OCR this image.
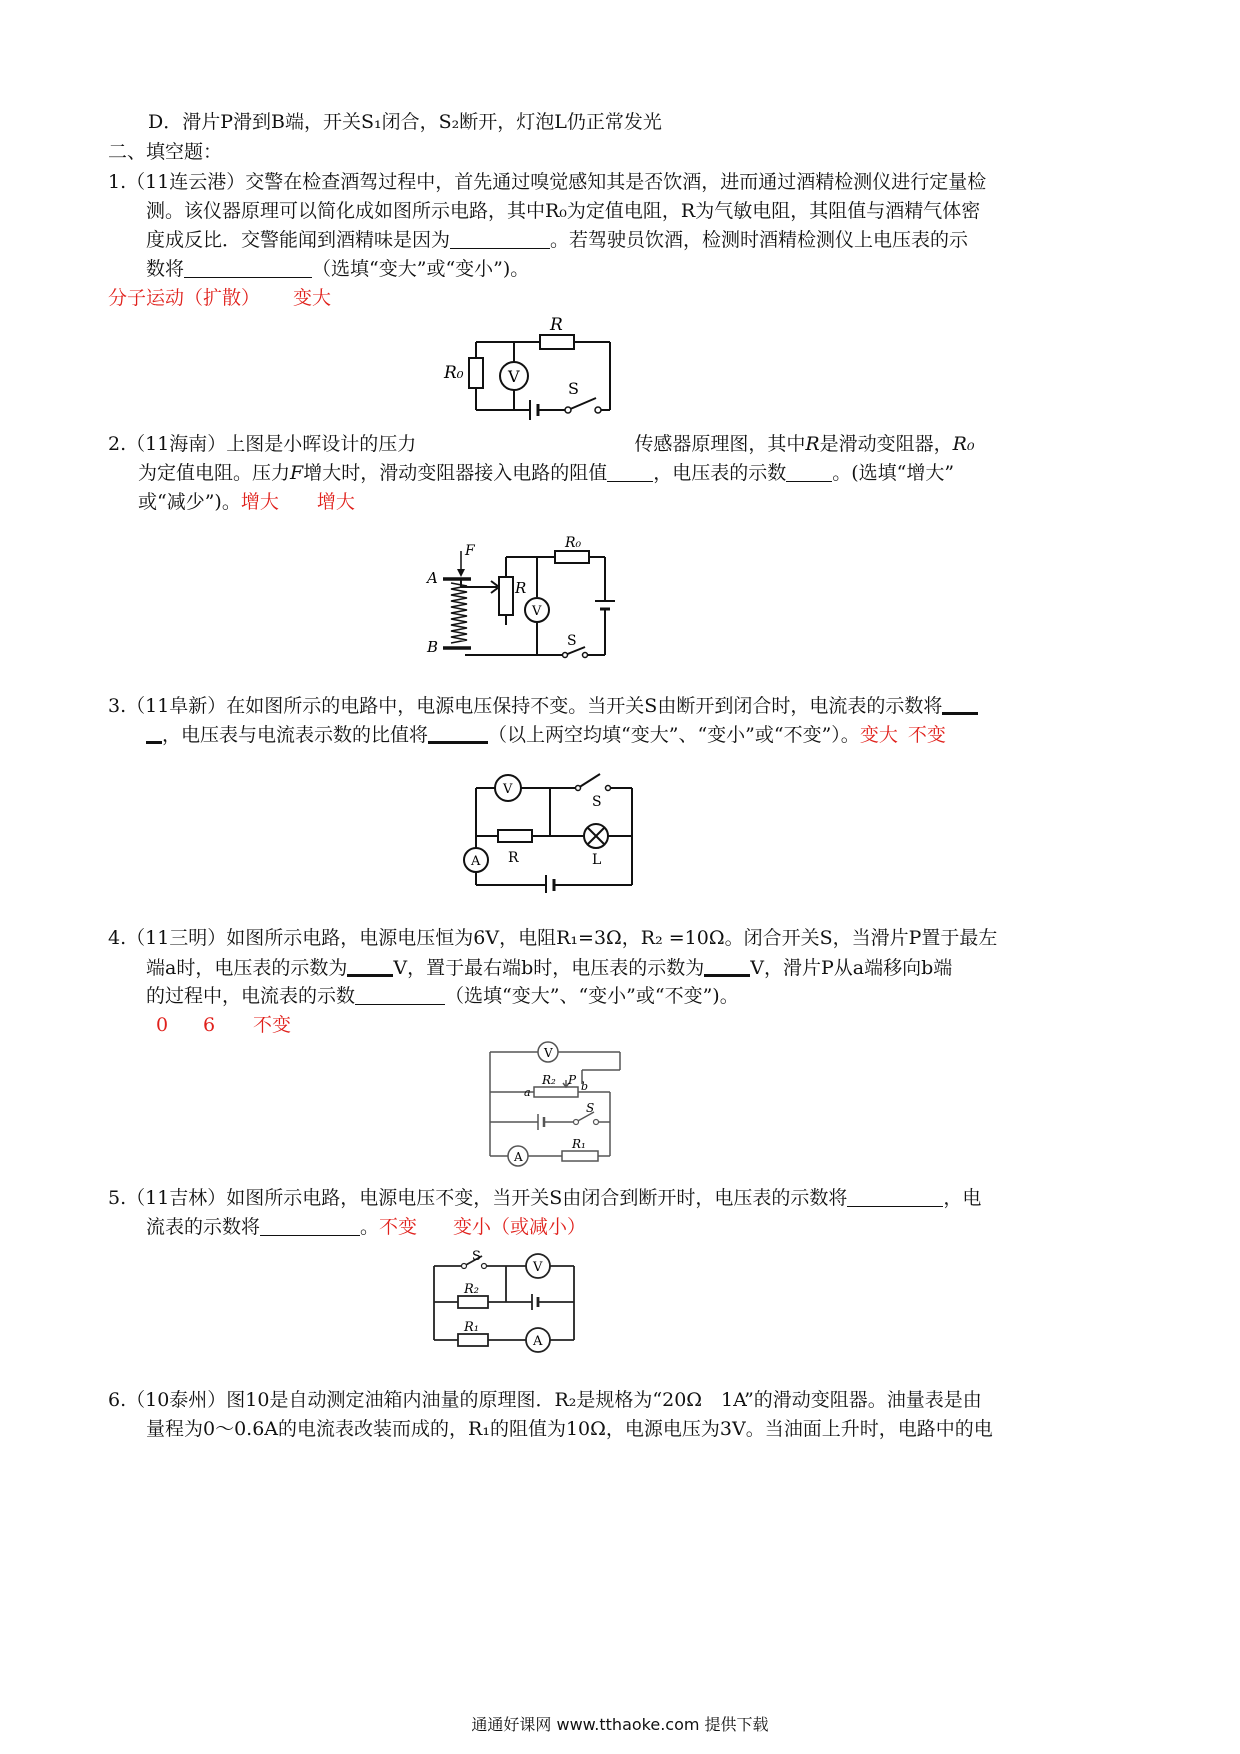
D．滑片P滑到B端，开关S₁闭合，S₂断开，灯泡L仍正常发光
二、填空题：
1.（11连云港）交警在检查酒驾过程中，首先通过嗅觉感知其是否饮酒，进而通过酒精检测仪进行定量检
测。该仪器原理可以简化成如图所示电路，其中R₀为定值电阻，R为气敏电阻，其阻值与酒精气体密
度成反比．交警能闻到酒精味是因为	。若驾驶员饮酒，检测时酒精检测仪上电压表的示
数将	（选填“变大”或“变小”)。
分子运动（扩散） 变大
R
R₀	V
S
2.（11海南）上图是小晖设计的压力	传感器原理图，其中R是滑动变阻器，R₀
为定值电阻。压力F增大时，滑动变阻器接入电路的阻值 ，电压表的示数 。(选填“增大”
或“减少”)。增大 增大
A
B
F
R
R₀
V
S
3.（11阜新）在如图所示的电路中，电源电压保持不变。当开关S由断开到闭合时，电流表的示数将
，电压表与电流表示数的比值将	（以上两空均填“变大”、“变小”或“不变”）。变大 不变
V
S
A R	L
4.（11三明）如图所示电路，电源电压恒为6V，电阻R₁=3Ω，R₂ =10Ω。闭合开关S，当滑片P置于最左
端a时，电压表的示数为 V，置于最右端b时，电压表的示数为 V，滑片P从a端移向b端
的过程中，电流表的示数	（选填“变大”、“变小”或“不变”)。
0 6 不变
V
A
R₁
R₂ P
a	b
S
5.（11吉林）如图所示电路，电源电压不变，当开关S由闭合到断开时，电压表的示数将	，电
流表的示数将	。不变 变小（或减小）
S
V
R₂
R₁
A
6.（10泰州）图10是自动测定油箱内油量的原理图．R₂是规格为“20Ω　1A”的滑动变阻器。油量表是由
量程为0～0.6A的电流表改装而成的，R₁的阻值为10Ω，电源电压为3V。当油面上升时，电路中的电
通通好课网 www.tthaoke.com 提供下载
